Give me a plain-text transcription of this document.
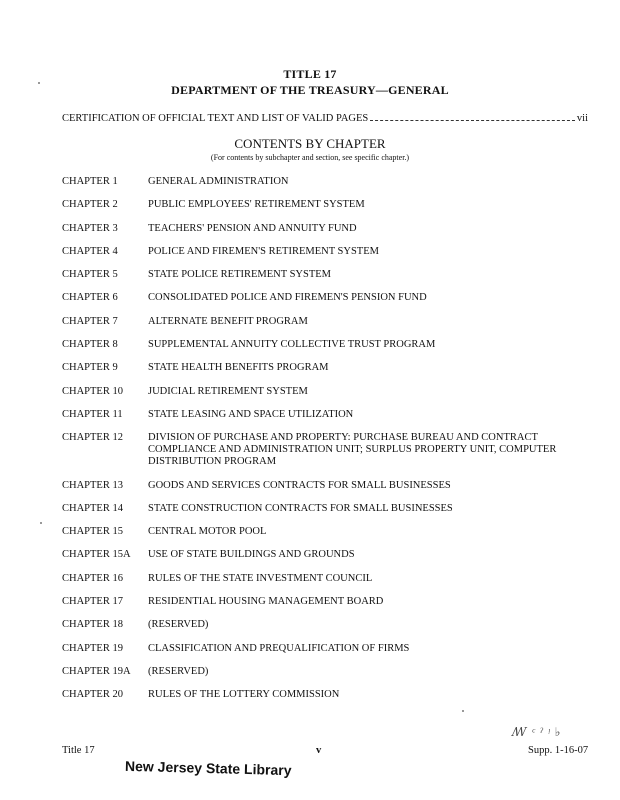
TITLE 17
DEPARTMENT OF THE TREASURY—GENERAL
CERTIFICATION OF OFFICIAL TEXT AND LIST OF VALID PAGES	vii
CONTENTS BY CHAPTER
(For contents by subchapter and section, see specific chapter.)
CHAPTER 1	GENERAL ADMINISTRATION
CHAPTER 2	PUBLIC EMPLOYEES' RETIREMENT SYSTEM
CHAPTER 3	TEACHERS' PENSION AND ANNUITY FUND
CHAPTER 4	POLICE AND FIREMEN'S RETIREMENT SYSTEM
CHAPTER 5	STATE POLICE RETIREMENT SYSTEM
CHAPTER 6	CONSOLIDATED POLICE AND FIREMEN'S PENSION FUND
CHAPTER 7	ALTERNATE BENEFIT PROGRAM
CHAPTER 8	SUPPLEMENTAL ANNUITY COLLECTIVE TRUST PROGRAM
CHAPTER 9	STATE HEALTH BENEFITS PROGRAM
CHAPTER 10	JUDICIAL RETIREMENT SYSTEM
CHAPTER 11	STATE LEASING AND SPACE UTILIZATION
CHAPTER 12	DIVISION OF PURCHASE AND PROPERTY: PURCHASE BUREAU AND CONTRACT COMPLIANCE AND ADMINISTRATION UNIT; SURPLUS PROPERTY UNIT, COMPUTER DISTRIBUTION PROGRAM
CHAPTER 13	GOODS AND SERVICES CONTRACTS FOR SMALL BUSINESSES
CHAPTER 14	STATE CONSTRUCTION CONTRACTS FOR SMALL BUSINESSES
CHAPTER 15	CENTRAL MOTOR POOL
CHAPTER 15A	USE OF STATE BUILDINGS AND GROUNDS
CHAPTER 16	RULES OF THE STATE INVESTMENT COUNCIL
CHAPTER 17	RESIDENTIAL HOUSING MANAGEMENT BOARD
CHAPTER 18	(RESERVED)
CHAPTER 19	CLASSIFICATION AND PREQUALIFICATION OF FIRMS
CHAPTER 19A	(RESERVED)
CHAPTER 20	RULES OF THE LOTTERY COMMISSION
ꟿ ᶜ ˀ ᵎ ♭
Title 17	v	Supp. 1-16-07
New Jersey State Library
